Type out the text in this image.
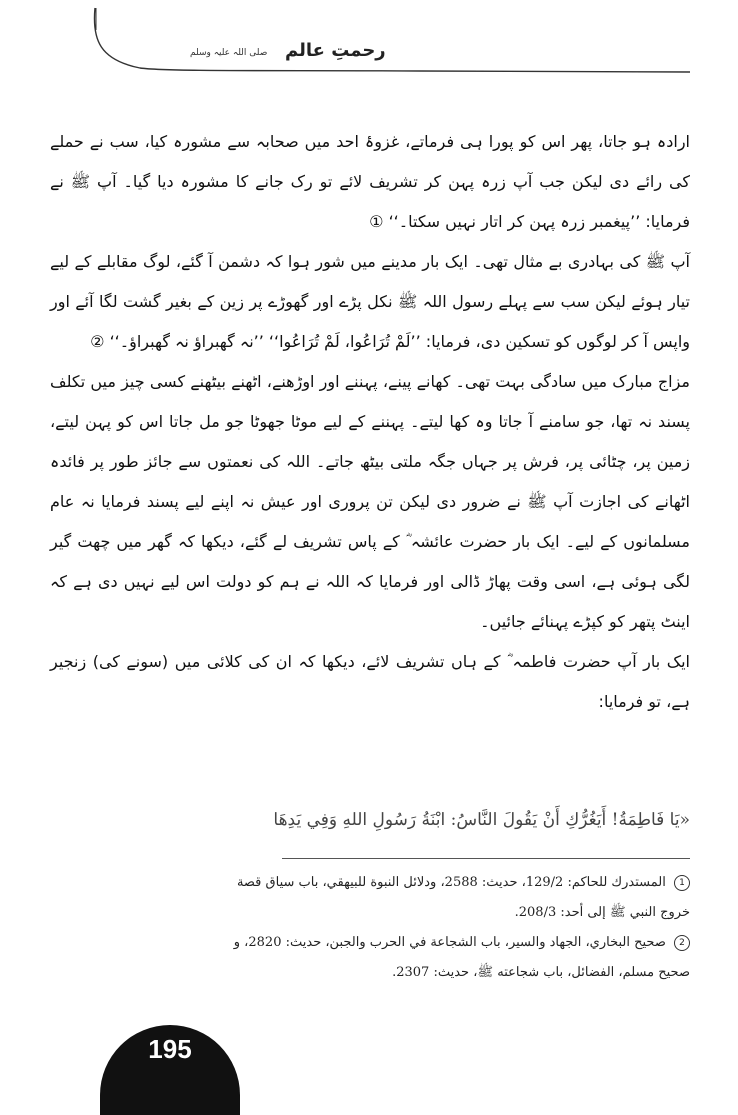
رحمتِ عالم
صلی اللہ علیہ وسلم

ارادہ ہو جاتا، پھر اس کو پورا ہی فرماتے، غزوۂ احد میں صحابہ سے مشورہ کیا، سب نے حملے کی رائے دی لیکن جب آپ زرہ پہن کر تشریف لائے تو رک جانے کا مشورہ دیا گیا۔ آپ ﷺ نے فرمایا: ’’پیغمبر زرہ پہن کر اتار نہیں سکتا۔‘‘ ①

آپ ﷺ کی بہادری بے مثال تھی۔ ایک بار مدینے میں شور ہوا کہ دشمن آ گئے، لوگ مقابلے کے لیے تیار ہوئے لیکن سب سے پہلے رسول اللہ ﷺ نکل پڑے اور گھوڑے پر زین کے بغیر گشت لگا آئے اور واپس آ کر لوگوں کو تسکین دی، فرمایا: ’’لَمْ تُرَاعُوا، لَمْ تُرَاعُوا‘‘ ’’نہ گھبراؤ نہ گھبراؤ۔‘‘ ②

مزاج مبارک میں سادگی بہت تھی۔ کھانے پینے، پہننے اور اوڑھنے، اٹھنے بیٹھنے کسی چیز میں تکلف پسند نہ تھا، جو سامنے آ جاتا وہ کھا لیتے۔ پہننے کے لیے موٹا جھوٹا جو مل جاتا اس کو پہن لیتے، زمین پر، چٹائی پر، فرش پر جہاں جگہ ملتی بیٹھ جاتے۔ اللہ کی نعمتوں سے جائز طور پر فائدہ اٹھانے کی اجازت آپ ﷺ نے ضرور دی لیکن تن پروری اور عیش نہ اپنے لیے پسند فرمایا نہ عام مسلمانوں کے لیے۔ ایک بار حضرت عائشہ ؓ کے پاس تشریف لے گئے، دیکھا کہ گھر میں چھت گیر لگی ہوئی ہے، اسی وقت پھاڑ ڈالی اور فرمایا کہ اللہ نے ہم کو دولت اس لیے نہیں دی ہے کہ اینٹ پتھر کو کپڑے پہنائے جائیں۔

ایک بار آپ حضرت فاطمہ ؓ کے ہاں تشریف لائے، دیکھا کہ ان کی کلائی میں (سونے کی) زنجیر ہے، تو فرمایا:

«يَا فَاطِمَةُ! أَيَغُرُّكِ أَنْ يَقُولَ النَّاسُ: ابْنَةُ رَسُولِ اللهِ وَفِي يَدِهَا

1 المستدرك للحاكم: 129/2، حديث: 2588، ودلائل النبوة للبيهقي، باب سياق قصة

خروج النبي ﷺ إلى أحد: 208/3.

2 صحيح البخاري، الجهاد والسير، باب الشجاعة في الحرب والجبن، حديث: 2820، و

صحيح مسلم، الفضائل، باب شجاعته ﷺ، حديث: 2307.

195
